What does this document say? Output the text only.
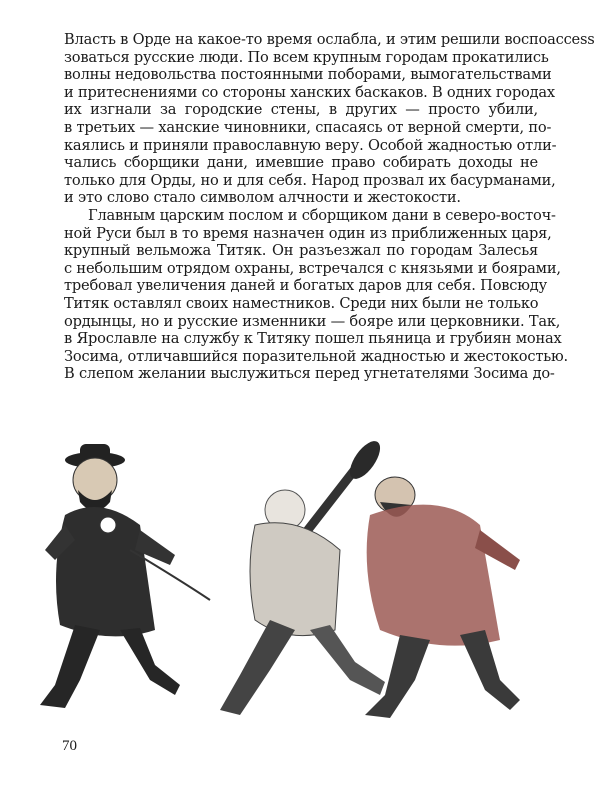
Власть в Орде на какое-то время ослабла, и этим решили воспоaccess
зоваться русские люди. По всем крупным городам прокатились
волны недовольства постоянными поборами, вымогательствами
и притеснениями со стороны ханских баскаков. В одних городах
их изгнали за городские стены, в других — просто убили,
в третьих — ханские чиновники, спасаясь от верной смерти, по-
каялись и приняли православную веру. Особой жадностью отли-
чались сборщики дани, имевшие право собирать доходы не
только для Орды, но и для себя. Народ прозвал их басурманами,
и это слово стало символом алчности и жестокости.
Главным царским послом и сборщиком дани в северо-восточ-
ной Руси был в то время назначен один из приближенных царя,
крупный вельможа Титяк. Он разъезжал по городам Залесья
с небольшим отрядом охраны, встречался с князьями и боярами,
требовал увеличения даней и богатых даров для себя. Повсюду
Титяк оставлял своих наместников. Среди них были не только
ордынцы, но и русские изменники — бояре или церковники. Так,
в Ярославле на службу к Титяку пошел пьяница и грубиян монах
Зосима, отличавшийся поразительной жадностью и жестокостью.
В слепом желании выслужиться перед угнетателями Зосима до-
70
